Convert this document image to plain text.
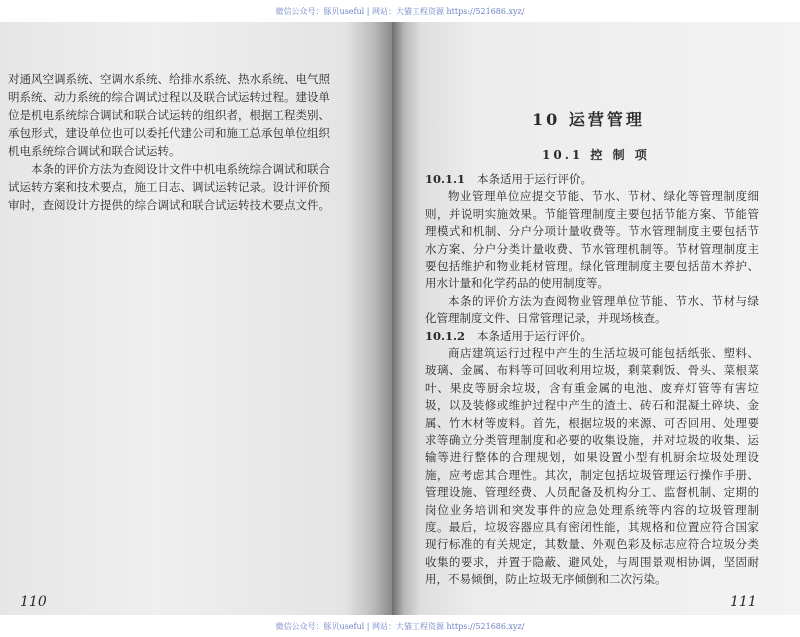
微信公众号：豚贝useful | 网站：大猫工程资源 https://521686.xyz/
对通风空调系统、空调水系统、给排水系统、热水系统、电气照
明系统、动力系统的综合调试过程以及联合试运转过程。建设单
位是机电系统综合调试和联合试运转的组织者，根据工程类别、
承包形式，建设单位也可以委托代建公司和施工总承包单位组织
机电系统综合调试和联合试运转。
本条的评价方法为查阅设计文件中机电系统综合调试和联合
试运转方案和技术要点，施工日志、调试运转记录。设计评价预
审时，查阅设计方提供的综合调试和联合试运转技术要点文件。
110
10 运营管理
10.1 控 制 项
10.1.1 本条适用于运行评价。
物业管理单位应提交节能、节水、节材、绿化等管理制度细
则，并说明实施效果。节能管理制度主要包括节能方案、节能管
理模式和机制、分户分项计量收费等。节水管理制度主要包括节
水方案、分户分类计量收费、节水管理机制等。节材管理制度主
要包括维护和物业耗材管理。绿化管理制度主要包括苗木养护、
用水计量和化学药品的使用制度等。
本条的评价方法为查阅物业管理单位节能、节水、节材与绿
化管理制度文件、日常管理记录，并现场核查。
10.1.2 本条适用于运行评价。
商店建筑运行过程中产生的生活垃圾可能包括纸张、塑料、
玻璃、金属、布料等可回收利用垃圾，剩菜剩饭、骨头、菜根菜
叶、果皮等厨余垃圾，含有重金属的电池、废弃灯管等有害垃
圾，以及装修或维护过程中产生的渣土、砖石和混凝土碎块、金
属、竹木材等废料。首先，根据垃圾的来源、可否回用、处理要
求等确立分类管理制度和必要的收集设施，并对垃圾的收集、运
输等进行整体的合理规划，如果设置小型有机厨余垃圾处理设
施，应考虑其合理性。其次，制定包括垃圾管理运行操作手册、
管理设施、管理经费、人员配备及机构分工、监督机制、定期的
岗位业务培训和突发事件的应急处理系统等内容的垃圾管理制
度。最后，垃圾容器应具有密闭性能，其规格和位置应符合国家
现行标准的有关规定，其数量、外观色彩及标志应符合垃圾分类
收集的要求，并置于隐蔽、避风处，与周围景观相协调，坚固耐
用，不易倾倒，防止垃圾无序倾倒和二次污染。
111
微信公众号：豚贝useful | 网站：大猫工程资源 https://521686.xyz/
